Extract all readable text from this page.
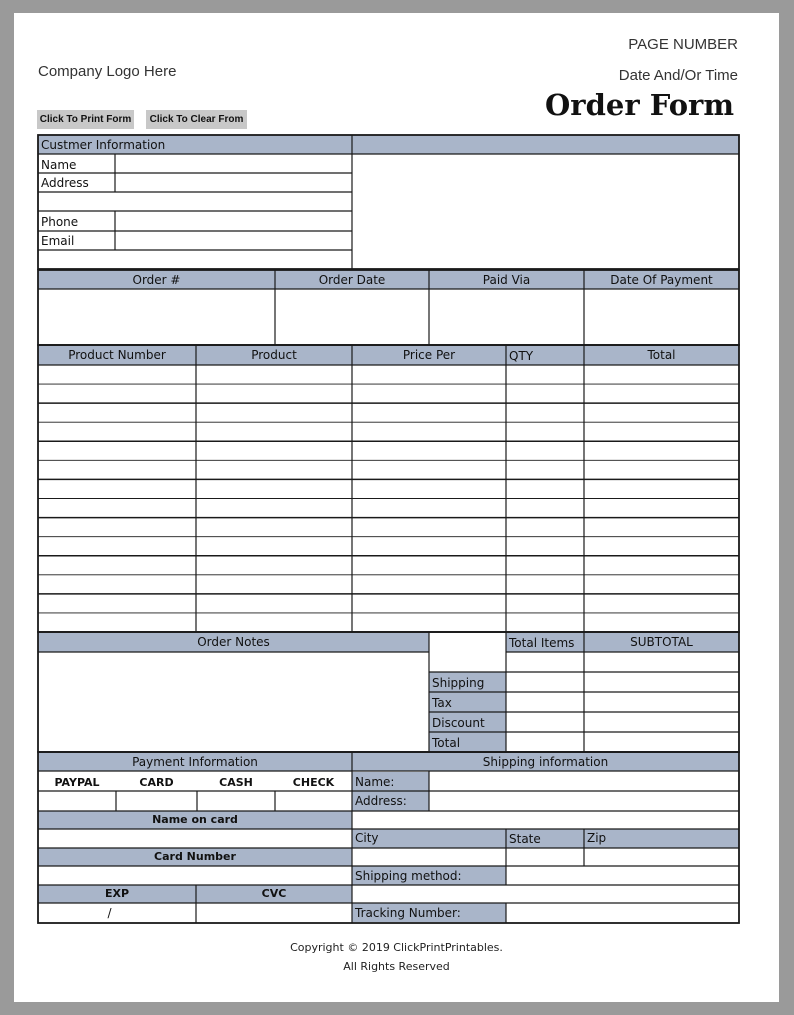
PAGE NUMBER
Date And/Or Time
Company Logo Here
Order Form
Click To Print Form	Click To Clear From
Custmer Information
Name
Address
Phone
Email
Order #	Order Date	Paid Via	Date Of Payment
Product Number	Product	Price Per	QTY	Total
Order Notes	Total Items	SUBTOTAL
Shipping
Tax
Discount
Total
Payment Information
PAYPAL	CARD	CASH	CHECK
Name on card
Card Number
EXP	CVC
/
Shipping information
Name:
Address:
City	State	Zip
Shipping method:
Tracking Number:
Copyright © 2019 ClickPrintPrintables.
All Rights Reserved
